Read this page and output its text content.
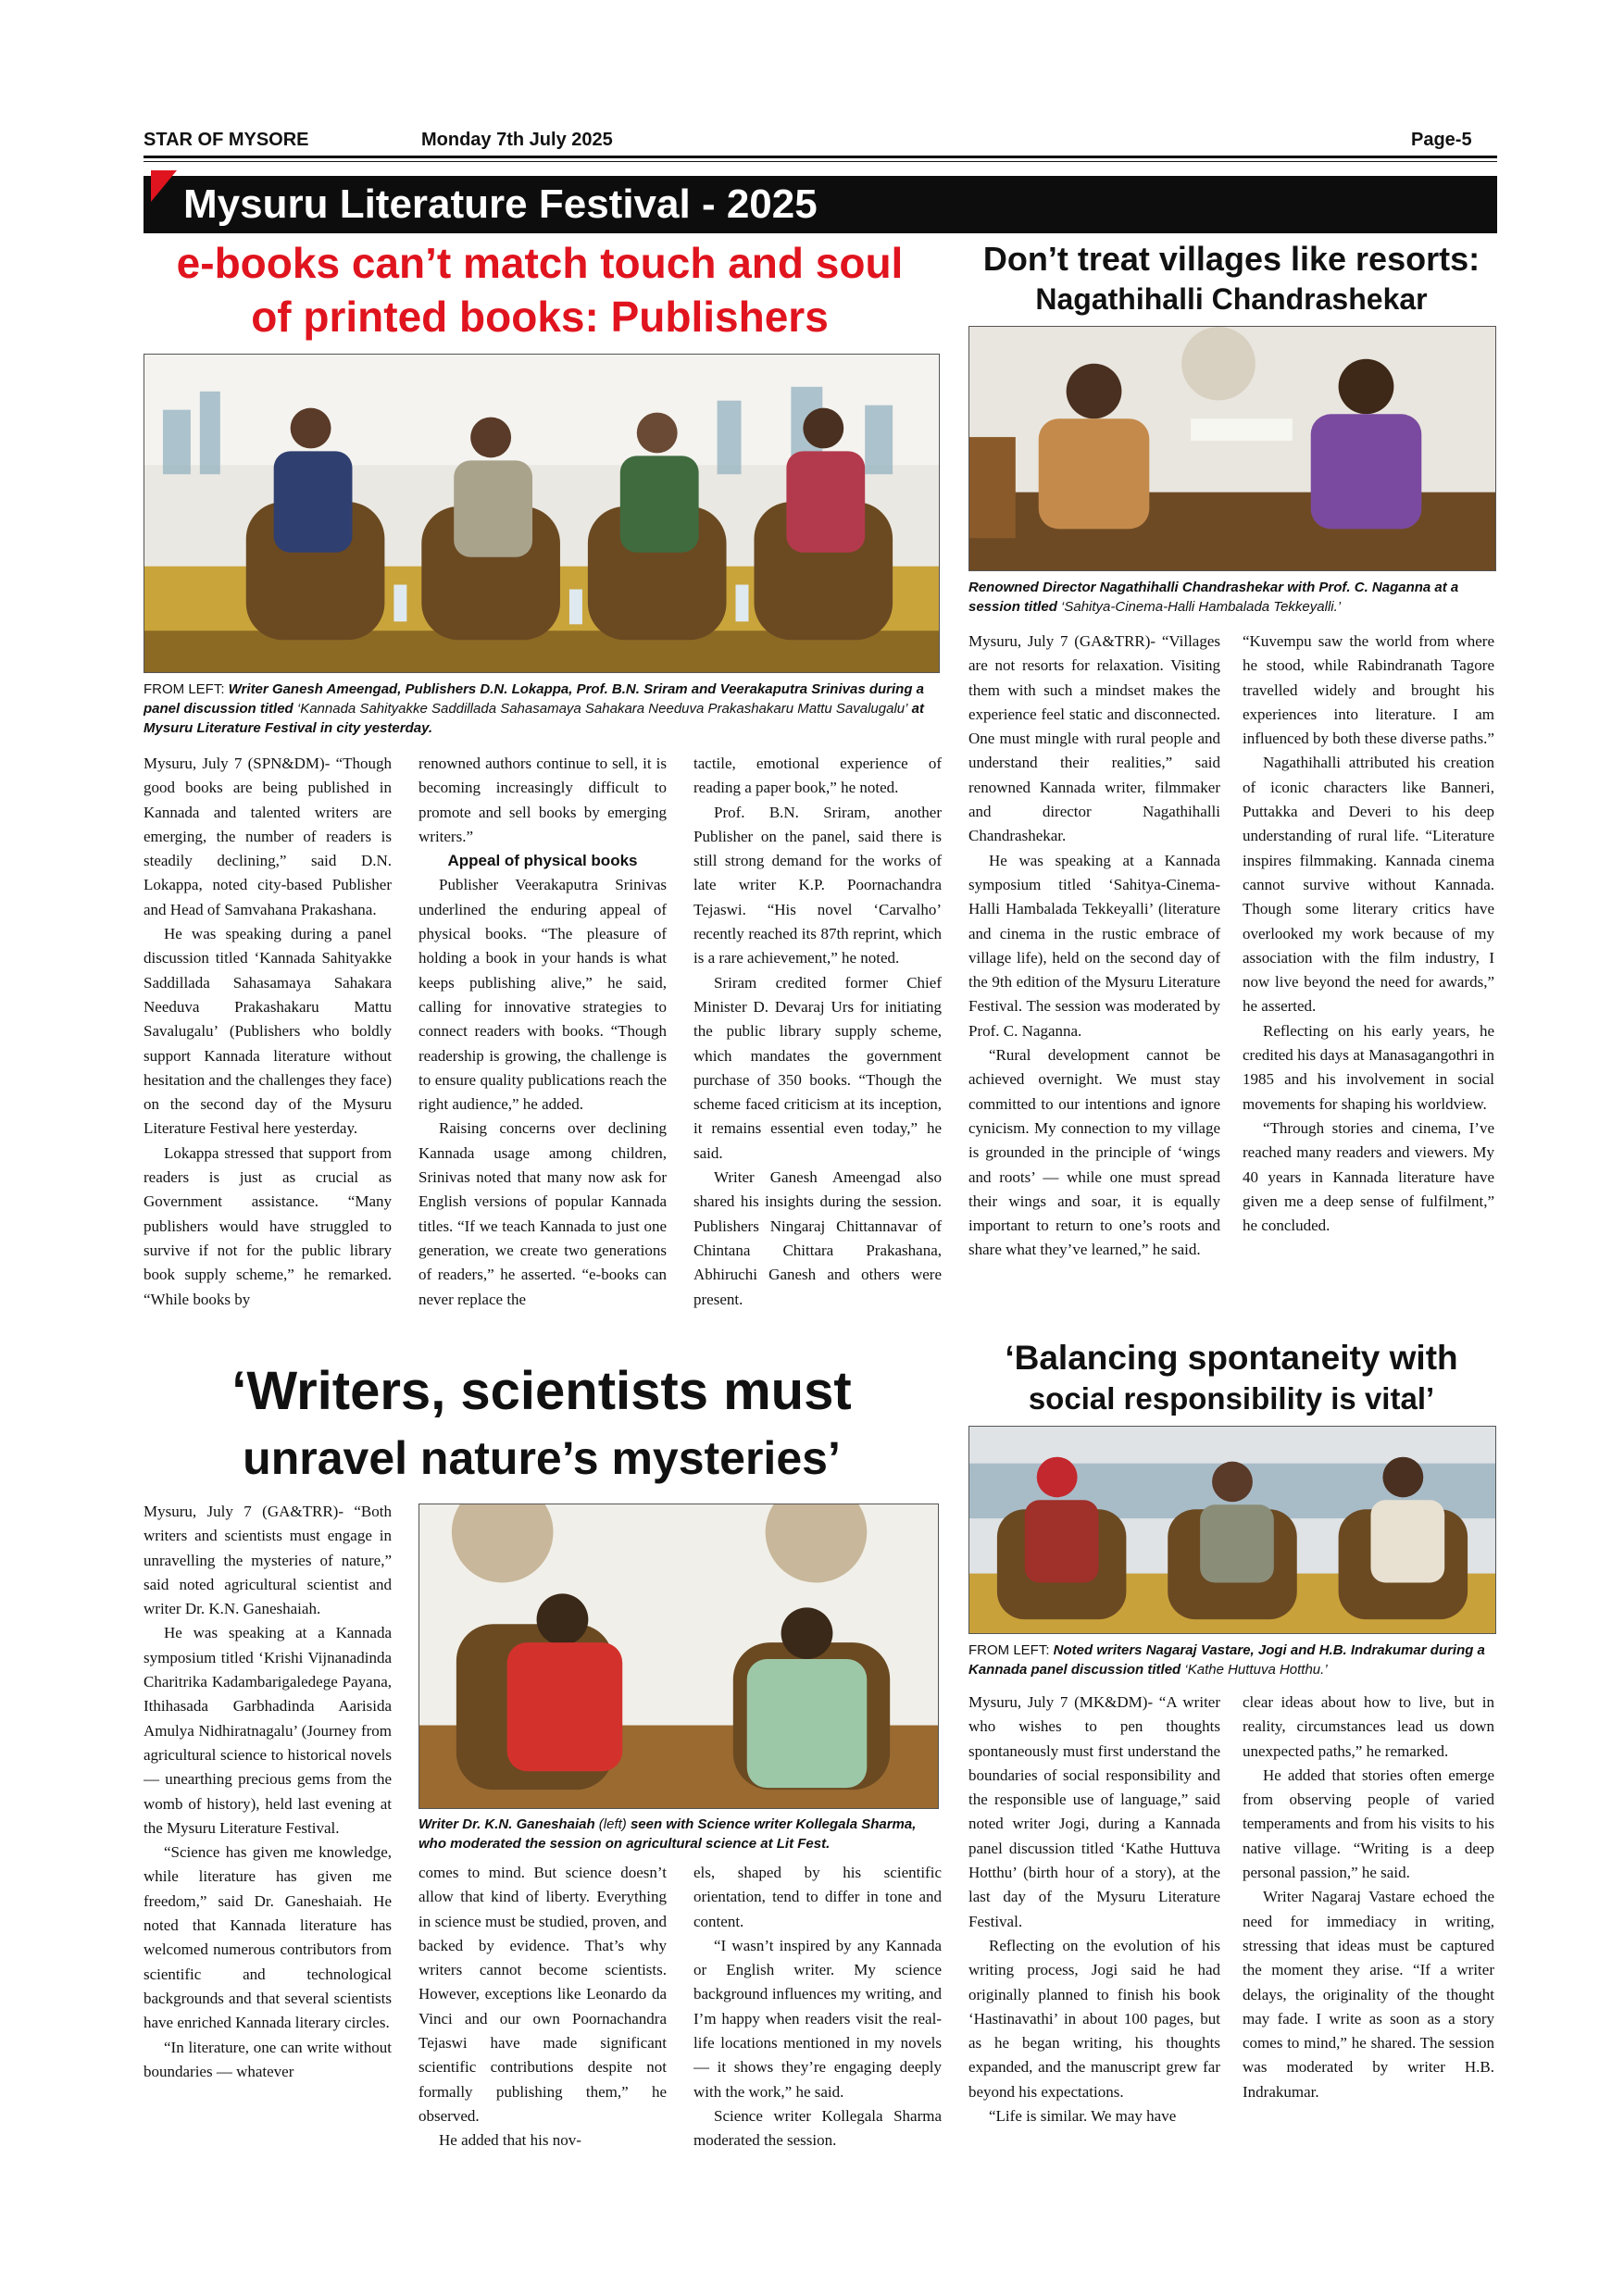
STAR OF MYSORE	Monday 7th July 2025	Page-5
Mysuru Literature Festival - 2025
e-books can’t match touch and soul
of printed books: Publishers
FROM LEFT: Writer Ganesh Ameengad, Publishers D.N. Lokappa, Prof. B.N. Sriram and Veerakaputra Srinivas during a panel discussion titled ‘Kannada Sahityakke Saddillada Sahasamaya Sahakara Needuva Prakashakaru Mattu Savalugalu’ at Mysuru Literature Festival in city yesterday.

Mysuru, July 7 (SPN&DM)- “Though good books are being published in Kannada and talented writers are emerging, the number of readers is steadily declining,” said D.N. Lokappa, noted city-based Publisher and Head of Samvahana Prakashana.

He was speaking during a panel discussion titled ‘Kannada Sahityakke Saddillada Sahasamaya Sahakara Needuva Prakashakaru Mattu Savalugalu’ (Publishers who boldly support Kannada literature without hesitation and the challenges they face) on the second day of the Mysuru Literature Festival here yesterday.

Lokappa stressed that support from readers is just as crucial as Government assistance. “Many publishers would have struggled to survive if not for the public library book supply scheme,” he remarked. “While books by

renowned authors continue to sell, it is becoming increasingly difficult to promote and sell books by emerging writers.”

Appeal of physical books

Publisher Veerakaputra Srinivas underlined the enduring appeal of physical books. “The pleasure of holding a book in your hands is what keeps publishing alive,” he said, calling for innovative strategies to connect readers with books. “Though readership is growing, the challenge is to ensure quality publications reach the right audience,” he added.

Raising concerns over declining Kannada usage among children, Srinivas noted that many now ask for English versions of popular Kannada titles. “If we teach Kannada to just one generation, we create two generations of readers,” he asserted. “e-books can never replace the

tactile, emotional experience of reading a paper book,” he noted.

Prof. B.N. Sriram, another Publisher on the panel, said there is still strong demand for the works of late writer K.P. Poornachandra Tejaswi. “His novel ‘Carvalho’ recently reached its 87th reprint, which is a rare achievement,” he noted.

Sriram credited former Chief Minister D. Devaraj Urs for initiating the public library supply scheme, which mandates the government purchase of 350 books. “Though the scheme faced criticism at its inception, it remains essential even today,” he said.

Writer Ganesh Ameengad also shared his insights during the session. Publishers Ningaraj Chittannavar of Chintana Chittara Prakashana, Abhiruchi Ganesh and others were present.

Don’t treat villages like resorts:
Nagathihalli Chandrashekar
Renowned Director Nagathihalli Chandrashekar with Prof. C. Naganna at a session titled ‘Sahitya-Cinema-Halli Hambalada Tekkeyalli.’

Mysuru, July 7 (GA&TRR)- “Villages are not resorts for relaxation. Visiting them with such a mindset makes the experience feel static and disconnected. One must mingle with rural people and understand their realities,” said renowned Kannada writer, filmmaker and director Nagathihalli Chandrashekar.

He was speaking at a Kannada symposium titled ‘Sahitya-Cinema-Halli Hambalada Tekkeyalli’ (literature and cinema in the rustic embrace of village life), held on the second day of the 9th edition of the Mysuru Literature Festival. The session was moderated by Prof. C. Naganna.

“Rural development cannot be achieved overnight. We must stay committed to our intentions and ignore cynicism. My connection to my village is grounded in the principle of ‘wings and roots’ — while one must spread their wings and soar, it is equally important to return to one’s roots and share what they’ve learned,” he said.

“Kuvempu saw the world from where he stood, while Rabindranath Tagore travelled widely and brought his experiences into literature. I am influenced by both these diverse paths.”

Nagathihalli attributed his creation of iconic characters like Banneri, Puttakka and Deveri to his deep understanding of rural life. “Literature inspires filmmaking. Kannada cinema cannot survive without Kannada. Though some literary critics have overlooked my work because of my association with the film industry, I now live beyond the need for awards,” he asserted.

Reflecting on his early years, he credited his days at Manasagangothri in 1985 and his involvement in social movements for shaping his worldview.

“Through stories and cinema, I’ve reached many readers and viewers. My 40 years in Kannada literature have given me a deep sense of fulfilment,” he concluded.

‘Writers, scientists must
unravel nature’s mysteries’
Writer Dr. K.N. Ganeshaiah (left) seen with Science writer Kollegala Sharma, who moderated the session on agricultural science at Lit Fest.

Mysuru, July 7 (GA&TRR)- “Both writers and scientists must engage in unravelling the mysteries of nature,” said noted agricultural scientist and writer Dr. K.N. Ganeshaiah.

He was speaking at a Kannada symposium titled ‘Krishi Vijnanadinda Charitrika Kadambarigaledege Payana, Ithihasada Garbhadinda Aarisida Amulya Nidhiratnagalu’ (Journey from agricultural science to historical novels — unearthing precious gems from the womb of history), held last evening at the Mysuru Literature Festival.

“Science has given me knowledge, while literature has given me freedom,” said Dr. Ganeshaiah. He noted that Kannada literature has welcomed numerous contributors from scientific and technological backgrounds and that several scientists have enriched Kannada literary circles.

“In literature, one can write without boundaries — whatever

comes to mind. But science doesn’t allow that kind of liberty. Everything in science must be studied, proven, and backed by evidence. That’s why writers cannot become scientists. However, exceptions like Leonardo da Vinci and our own Poornachandra Tejaswi have made significant scientific contributions despite not formally publishing them,” he observed.

He added that his nov-

els, shaped by his scientific orientation, tend to differ in tone and content.

“I wasn’t inspired by any Kannada or English writer. My science background influences my writing, and I’m happy when readers visit the real-life locations mentioned in my novels — it shows they’re engaging deeply with the work,” he said.

Science writer Kollegala Sharma moderated the session.

‘Balancing spontaneity with
social responsibility is vital’
FROM LEFT: Noted writers Nagaraj Vastare, Jogi and H.B. Indrakumar during a Kannada panel discussion titled ‘Kathe Huttuva Hotthu.’

Mysuru, July 7 (MK&DM)- “A writer who wishes to pen thoughts spontaneously must first understand the boundaries of social responsibility and the responsible use of language,” said noted writer Jogi, during a Kannada panel discussion titled ‘Kathe Huttuva Hotthu’ (birth hour of a story), at the last day of the Mysuru Literature Festival.

Reflecting on the evolution of his writing process, Jogi said he had originally planned to finish his book ‘Hastinavathi’ in about 100 pages, but as he began writing, his thoughts expanded, and the manuscript grew far beyond his expectations.

“Life is similar. We may have

clear ideas about how to live, but in reality, circumstances lead us down unexpected paths,” he remarked.

He added that stories often emerge from observing people of varied temperaments and from his visits to his native village. “Writing is a deep personal passion,” he said.

Writer Nagaraj Vastare echoed the need for immediacy in writing, stressing that ideas must be captured the moment they arise. “If a writer delays, the originality of the thought may fade. I write as soon as a story comes to mind,” he shared. The session was moderated by writer H.B. Indrakumar.
